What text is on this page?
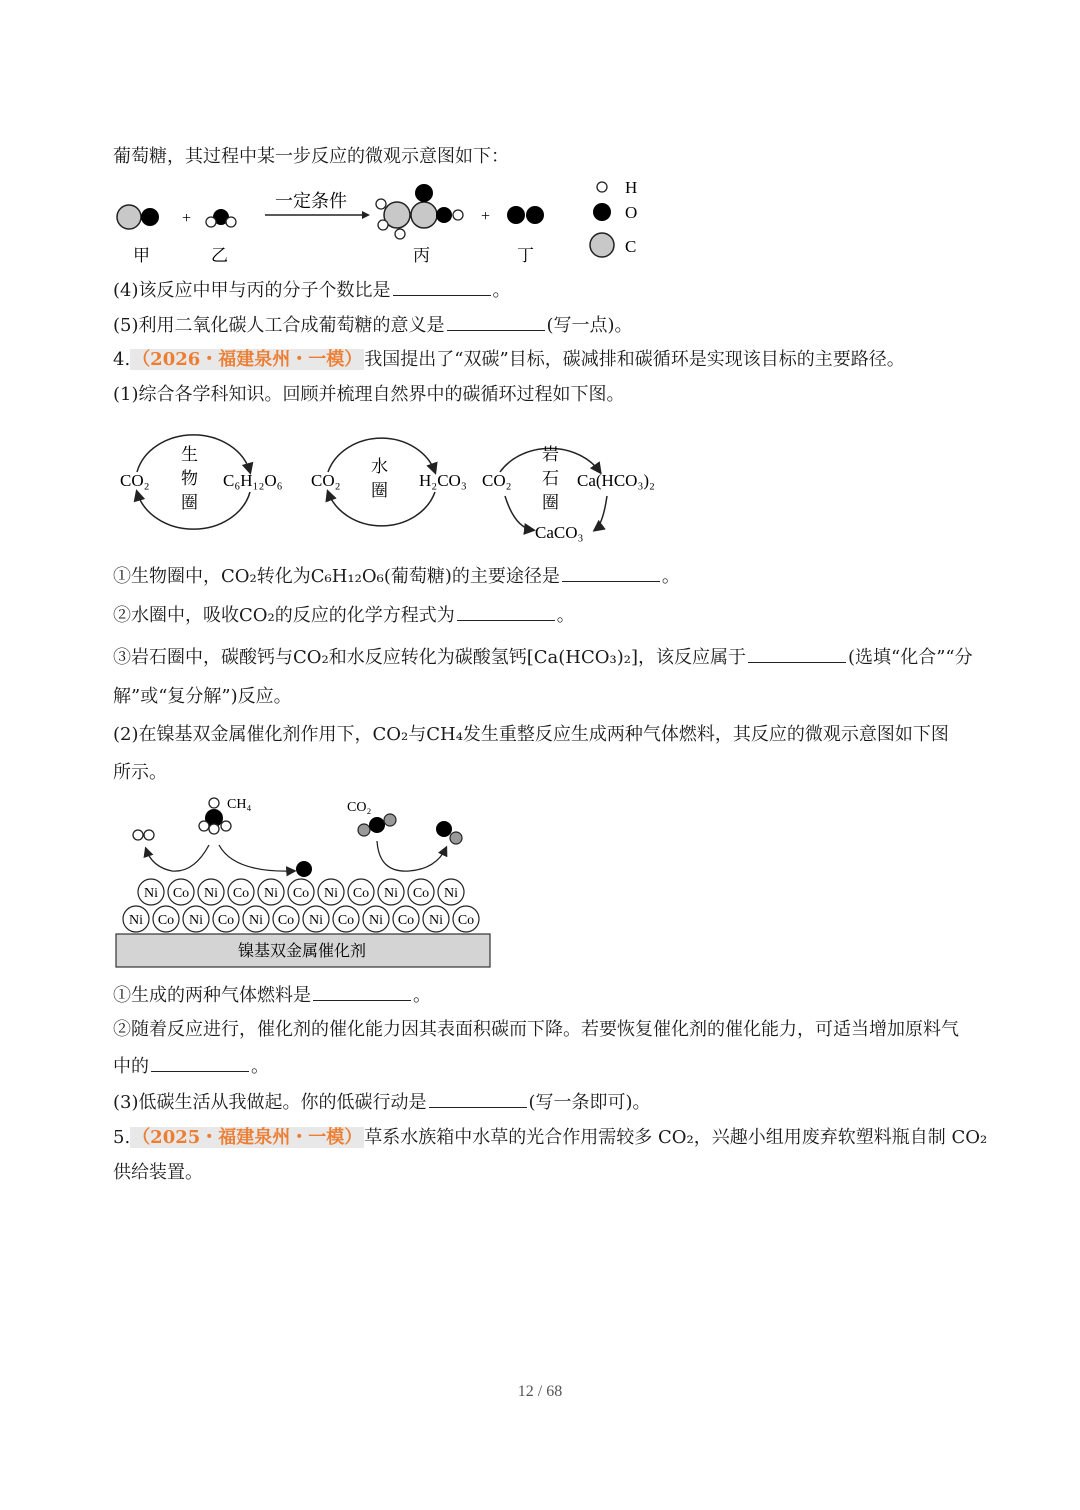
葡萄糖，其过程中某一步反应的微观示意图如下：
+
一定条件
+
H
O
C
甲	乙	丙	丁
(4)该反应中甲与丙的分子个数比是	。
(5)利用二氧化碳人工合成葡萄糖的意义是	(写一点)。
4. （2026・福建泉州・一模） 我国提出了“双碳”目标，碳减排和碳循环是实现该目标的主要路径。
(1)综合各学科知识。回顾并梳理自然界中的碳循环过程如下图。
CO₂	C₆H₁₂O₆
生
物
圈
CO₂	H₂CO₃
水
圈
CO₂	Ca(HCO₃)₂
岩
石
圈
CaCO₃
①生物圈中，CO₂转化为C₆H₁₂O₆(葡萄糖)的主要途径是	。
②水圈中，吸收CO₂的反应的化学方程式为	。
③岩石圈中，碳酸钙与CO₂和水反应转化为碳酸氢钙[Ca(HCO₃)₂]，该反应属于	(选填“化合”“分
解”或“复分解”)反应。
(2)在镍基双金属催化剂作用下，CO₂与CH₄发生重整反应生成两种气体燃料，其反应的微观示意图如下图
所示。
CH₄	CO₂
Ni Co Ni Co Ni Co Ni Co Ni Co Ni
Ni Co Ni Co Ni Co Ni Co Ni Co Ni Co
镍基双金属催化剂
①生成的两种气体燃料是	。
②随着反应进行，催化剂的催化能力因其表面积碳而下降。若要恢复催化剂的催化能力，可适当增加原料气
中的	。
(3)低碳生活从我做起。你的低碳行动是	(写一条即可)。
5. （2025・福建泉州・一模） 草系水族箱中水草的光合作用需较多 CO₂，兴趣小组用废弃软塑料瓶自制 CO₂
供给装置。
12 / 68
